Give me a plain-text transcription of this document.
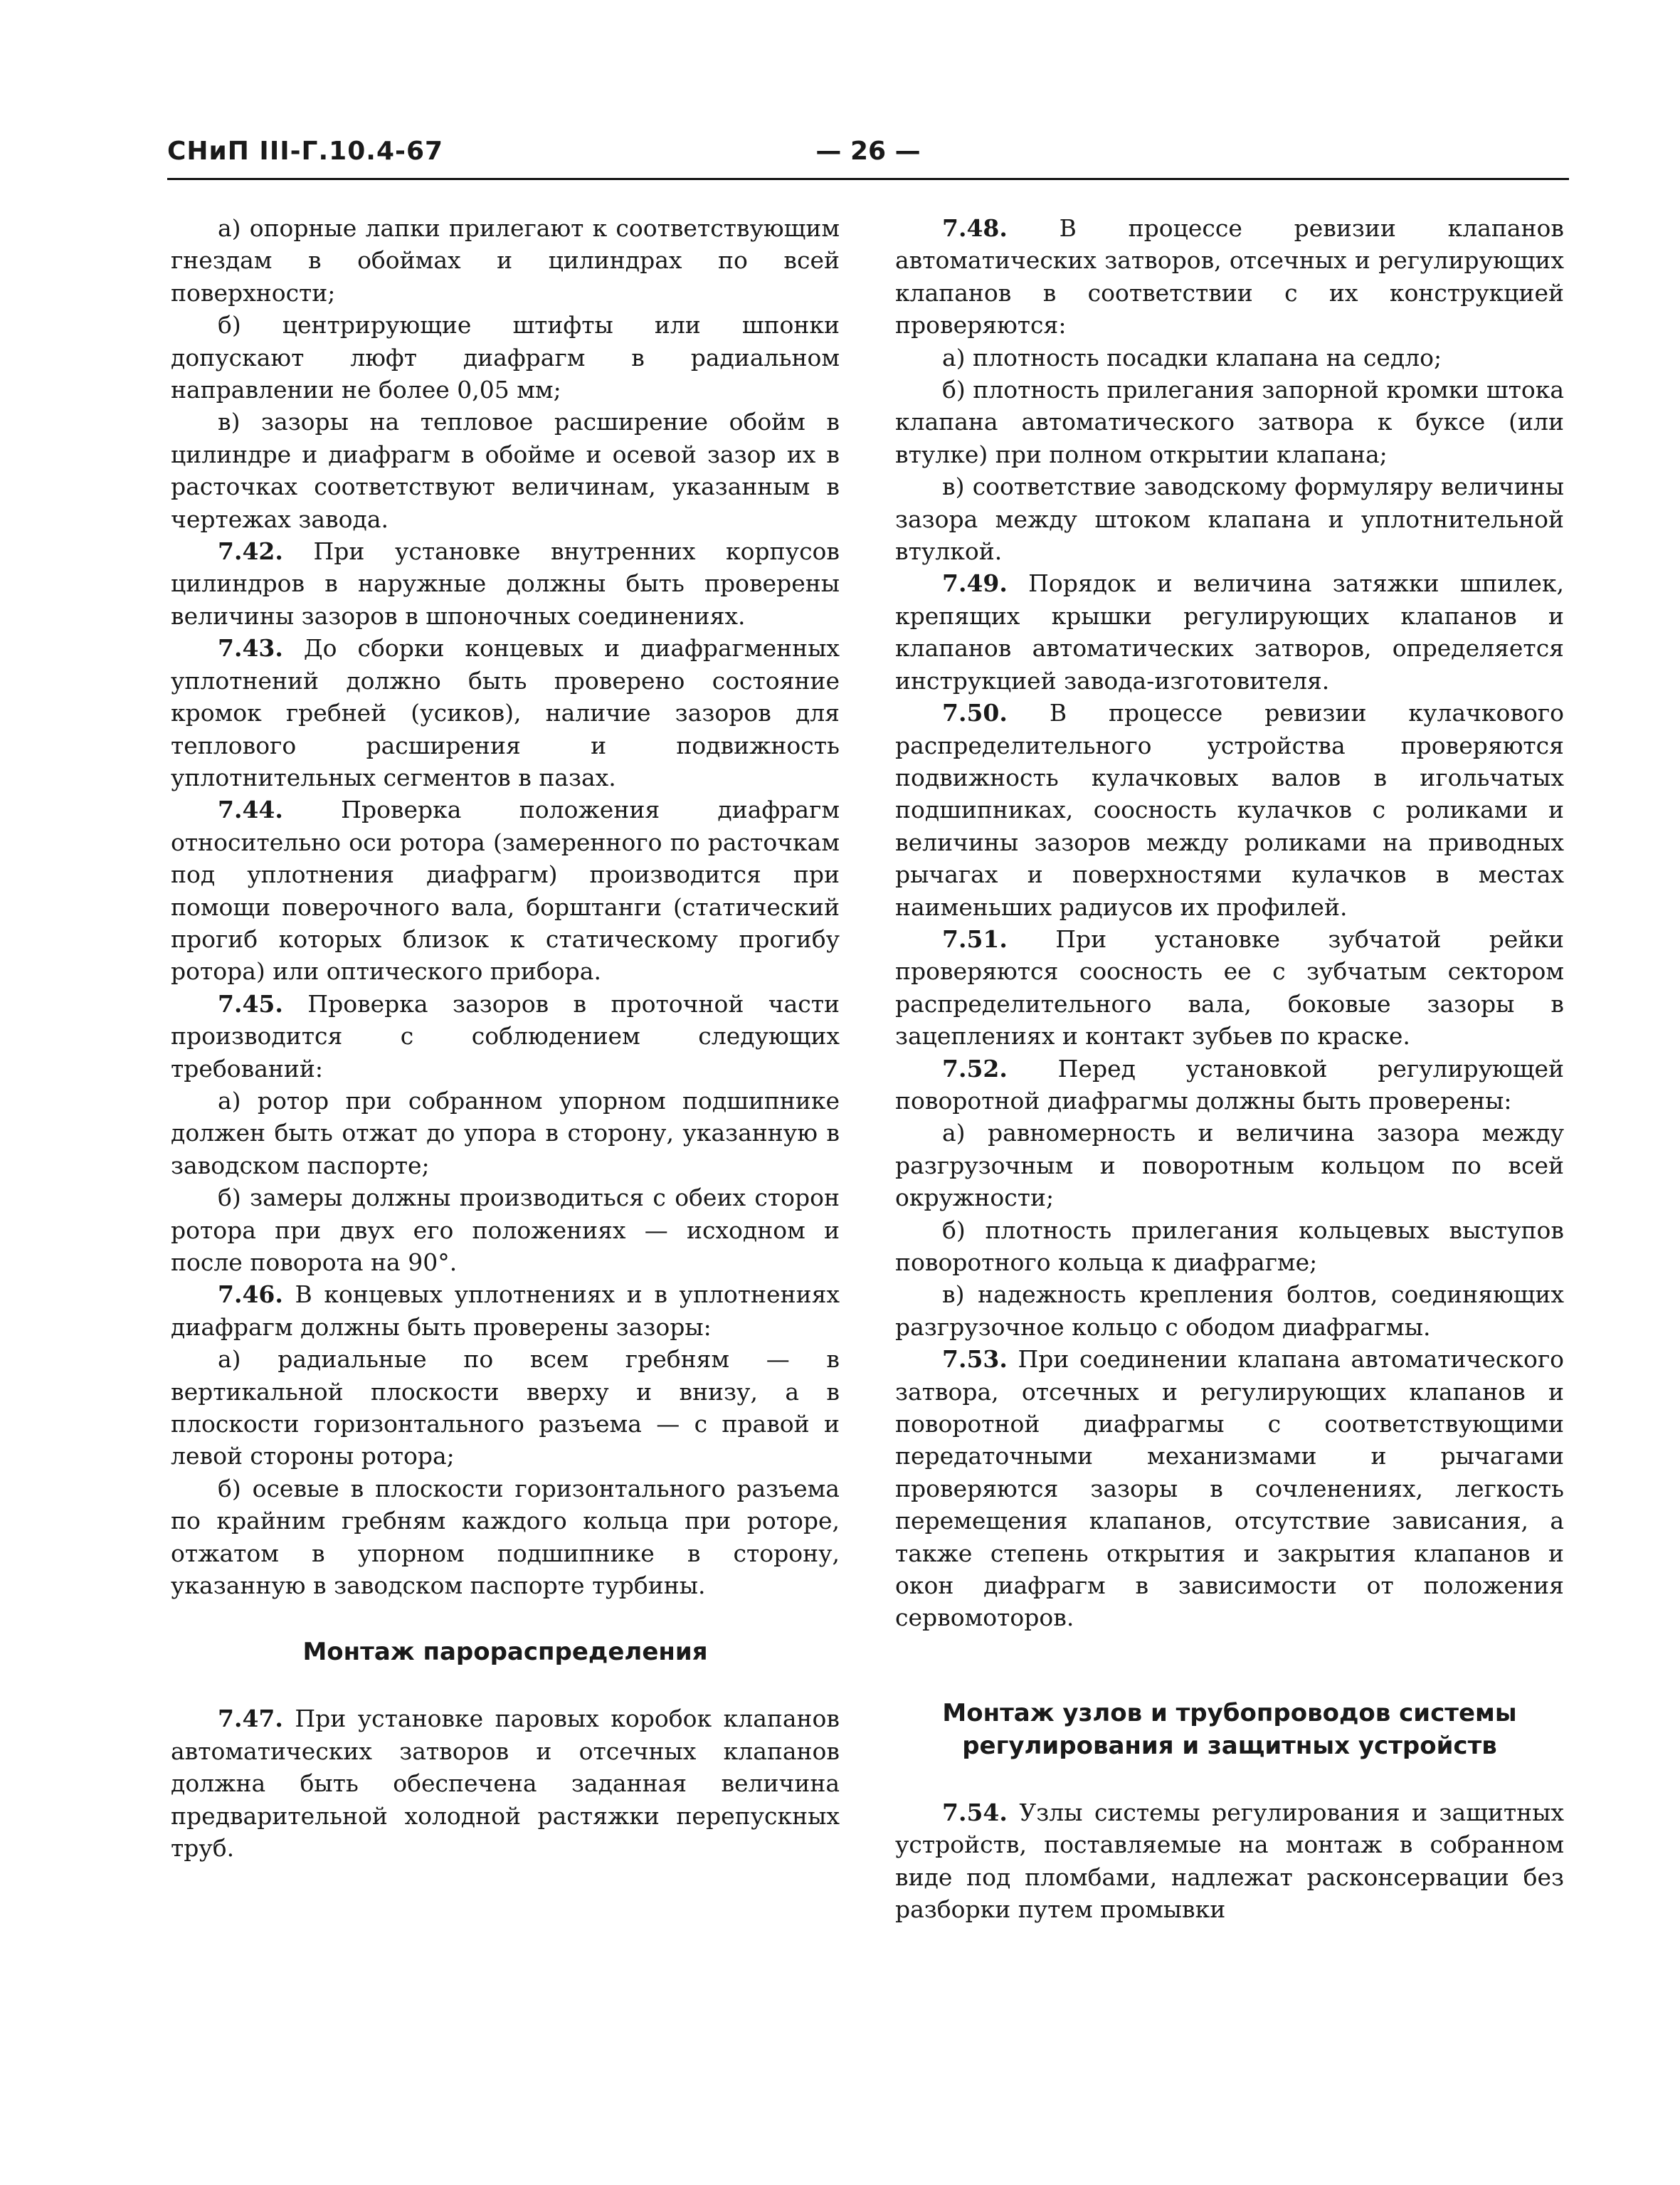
СНиП III-Г.10.4-67	— 26 —

а) опорные лапки прилегают к соответствующим гнездам в обоймах и цилиндрах по всей поверхности;

б) центрирующие штифты или шпонки допускают люфт диафрагм в радиальном направлении не более 0,05 мм;

в) зазоры на тепловое расширение обойм в цилиндре и диафрагм в обойме и осевой зазор их в расточках соответствуют величинам, указанным в чертежах завода.

7.42. При установке внутренних корпусов цилиндров в наружные должны быть проверены величины зазоров в шпоночных соединениях.

7.43. До сборки концевых и диафрагменных уплотнений должно быть проверено состояние кромок гребней (усиков), наличие зазоров для теплового расширения и подвижность уплотнительных сегментов в пазах.

7.44. Проверка положения диафрагм относительно оси ротора (замеренного по расточкам под уплотнения диафрагм) производится при помощи поверочного вала, борштанги (статический прогиб которых близок к статическому прогибу ротора) или оптического прибора.

7.45. Проверка зазоров в проточной части производится с соблюдением следующих требований:

а) ротор при собранном упорном подшипнике должен быть отжат до упора в сторону, указанную в заводском паспорте;

б) замеры должны производиться с обеих сторон ротора при двух его положениях — исходном и после поворота на 90°.

7.46. В концевых уплотнениях и в уплотнениях диафрагм должны быть проверены зазоры:

а) радиальные по всем гребням — в вертикальной плоскости вверху и внизу, а в плоскости горизонтального разъема — с правой и левой стороны ротора;

б) осевые в плоскости горизонтального разъема по крайним гребням каждого кольца при роторе, отжатом в упорном подшипнике в сторону, указанную в заводском паспорте турбины.

Монтаж парораспределения

7.47. При установке паровых коробок клапанов автоматических затворов и отсечных клапанов должна быть обеспечена заданная величина предварительной холодной растяжки перепускных труб.

7.48. В процессе ревизии клапанов автоматических затворов, отсечных и регулирующих клапанов в соответствии с их конструкцией проверяются:

а) плотность посадки клапана на седло;

б) плотность прилегания запорной кромки штока клапана автоматического затвора к буксе (или втулке) при полном открытии клапана;

в) соответствие заводскому формуляру величины зазора между штоком клапана и уплотнительной втулкой.

7.49. Порядок и величина затяжки шпилек, крепящих крышки регулирующих клапанов и клапанов автоматических затворов, определяется инструкцией завода-изготовителя.

7.50. В процессе ревизии кулачкового распределительного устройства проверяются подвижность кулачковых валов в игольчатых подшипниках, соосность кулачков с роликами и величины зазоров между роликами на приводных рычагах и поверхностями кулачков в местах наименьших радиусов их профилей.

7.51. При установке зубчатой рейки проверяются соосность ее с зубчатым сектором распределительного вала, боковые зазоры в зацеплениях и контакт зубьев по краске.

7.52. Перед установкой регулирующей поворотной диафрагмы должны быть проверены:

а) равномерность и величина зазора между разгрузочным и поворотным кольцом по всей окружности;

б) плотность прилегания кольцевых выступов поворотного кольца к диафрагме;

в) надежность крепления болтов, соединяющих разгрузочное кольцо с ободом диафрагмы.

7.53. При соединении клапана автоматического затвора, отсечных и регулирующих клапанов и поворотной диафрагмы с соответствующими передаточными механизмами и рычагами проверяются зазоры в сочленениях, легкость перемещения клапанов, отсутствие зависания, а также степень открытия и закрытия клапанов и окон диафрагм в зависимости от положения сервомоторов.

Монтаж узлов и трубопроводов системы
регулирования и защитных устройств

7.54. Узлы системы регулирования и защитных устройств, поставляемые на монтаж в собранном виде под пломбами, надлежат расконсервации без разборки путем промывки
